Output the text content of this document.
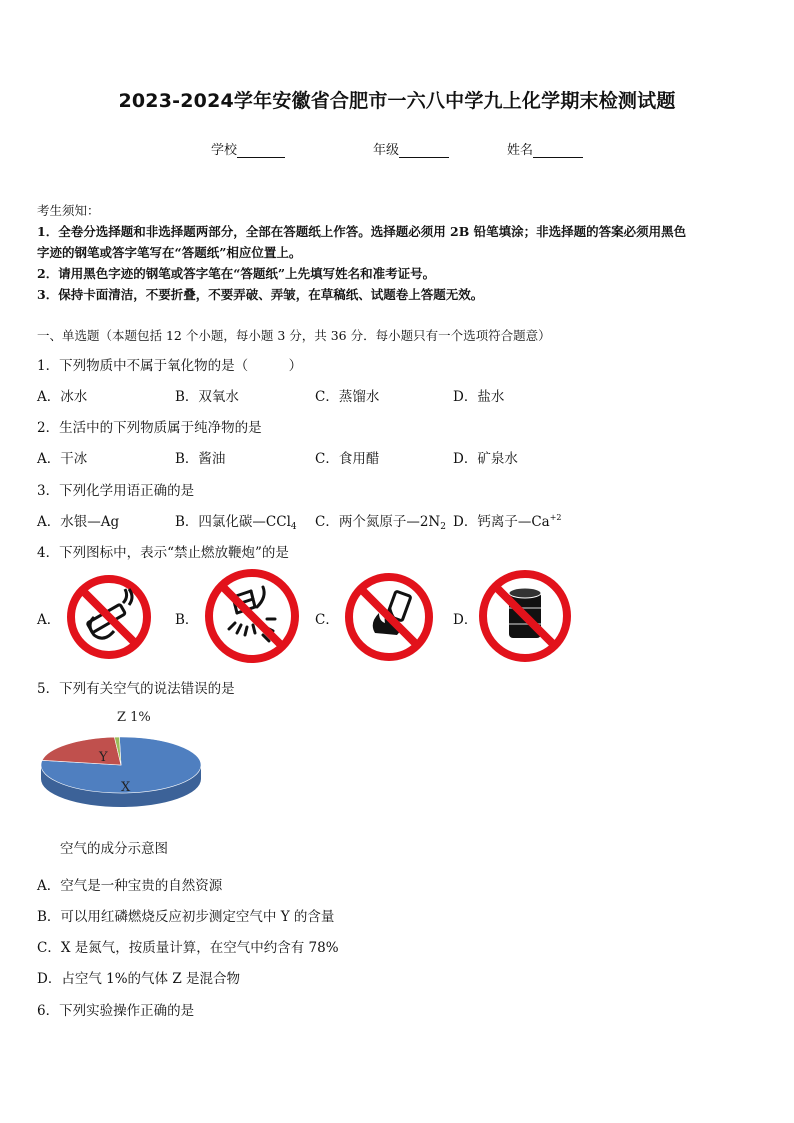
2023-2024学年安徽省合肥市一六八中学九上化学期末检测试题
学校	年级	姓名
考生须知：
1．全卷分选择题和非选择题两部分，全部在答题纸上作答。选择题必须用 2B 铅笔填涂；非选择题的答案必须用黑色
字迹的钢笔或答字笔写在“答题纸”相应位置上。
2．请用黑色字迹的钢笔或答字笔在“答题纸”上先填写姓名和准考证号。
3．保持卡面清洁，不要折叠，不要弄破、弄皱，在草稿纸、试题卷上答题无效。
一、单选题（本题包括 12 个小题，每小题 3 分，共 36 分．每小题只有一个选项符合题意）
1．下列物质中不属于氧化物的是（　　　）
A．冰水	B．双氧水	C．蒸馏水	D．盐水
2．生活中的下列物质属于纯净物的是
A．干冰	B．酱油	C．食用醋	D．矿泉水
3．下列化学用语正确的是
A．水银—Ag	B．四氯化碳—CCl$_4$ C．两个氮原子$—2N_2$ D．钙离子$—Ca^{+2}$
4．下列图标中，表示“禁止燃放鞭炮”的是
A．	B．	C．	D．
5．下列有关空气的说法错误的是
X
Y
Z 1%
空气的成分示意图
A．空气是一种宝贵的自然资源
B．可以用红磷燃烧反应初步测定空气中 Y 的含量
C．X 是氮气，按质量计算，在空气中约含有 78%
D．占空气 1%的气体 Z 是混合物
6．下列实验操作正确的是
